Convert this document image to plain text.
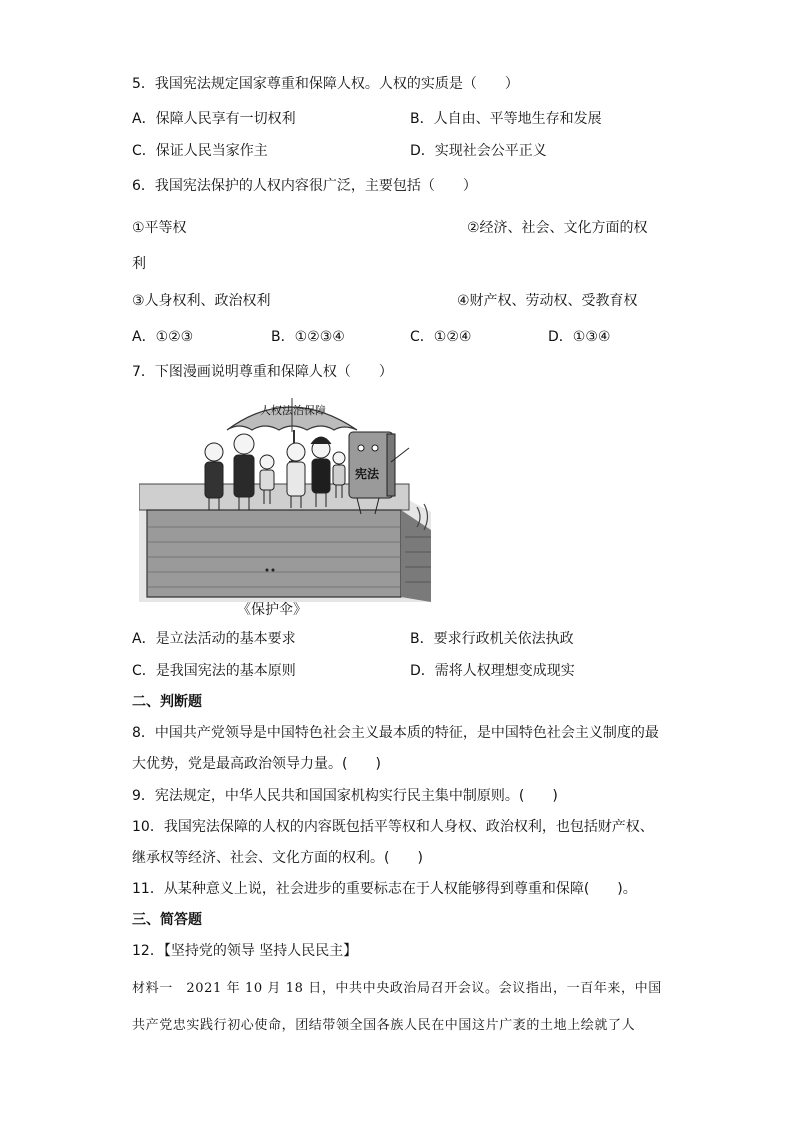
5．我国宪法规定国家尊重和保障人权。人权的实质是（　　）
A．保障人民享有一切权利	B．人自由、平等地生存和发展
C．保证人民当家作主	D．实现社会公平正义
6．我国宪法保护的人权内容很广泛，主要包括（　　）
①平等权	②经济、社会、文化方面的权
利
③人身权利、政治权利	④财产权、劳动权、受教育权
A．①②③	B．①②③④	C．①②④	D．①③④
7．下图漫画说明尊重和保障人权（　　）
人权法治保障
宪法
《保护伞》
A．是立法活动的基本要求	B．要求行政机关依法执政
C．是我国宪法的基本原则	D．需将人权理想变成现实
二、判断题
8．中国共产党领导是中国特色社会主义最本质的特征，是中国特色社会主义制度的最
大优势，党是最高政治领导力量。(　　)
9．宪法规定，中华人民共和国国家机构实行民主集中制原则。(　　)
10．我国宪法保障的人权的内容既包括平等权和人身权、政治权利，也包括财产权、
继承权等经济、社会、文化方面的权利。(　　)
11．从某种意义上说，社会进步的重要标志在于人权能够得到尊重和保障(　　)。
三、简答题
12．【坚持党的领导 坚持人民民主】
材料一　2021 年 10 月 18 日，中共中央政治局召开会议。会议指出，一百年来，中国
共产党忠实践行初心使命，团结带领全国各族人民在中国这片广袤的土地上绘就了人
